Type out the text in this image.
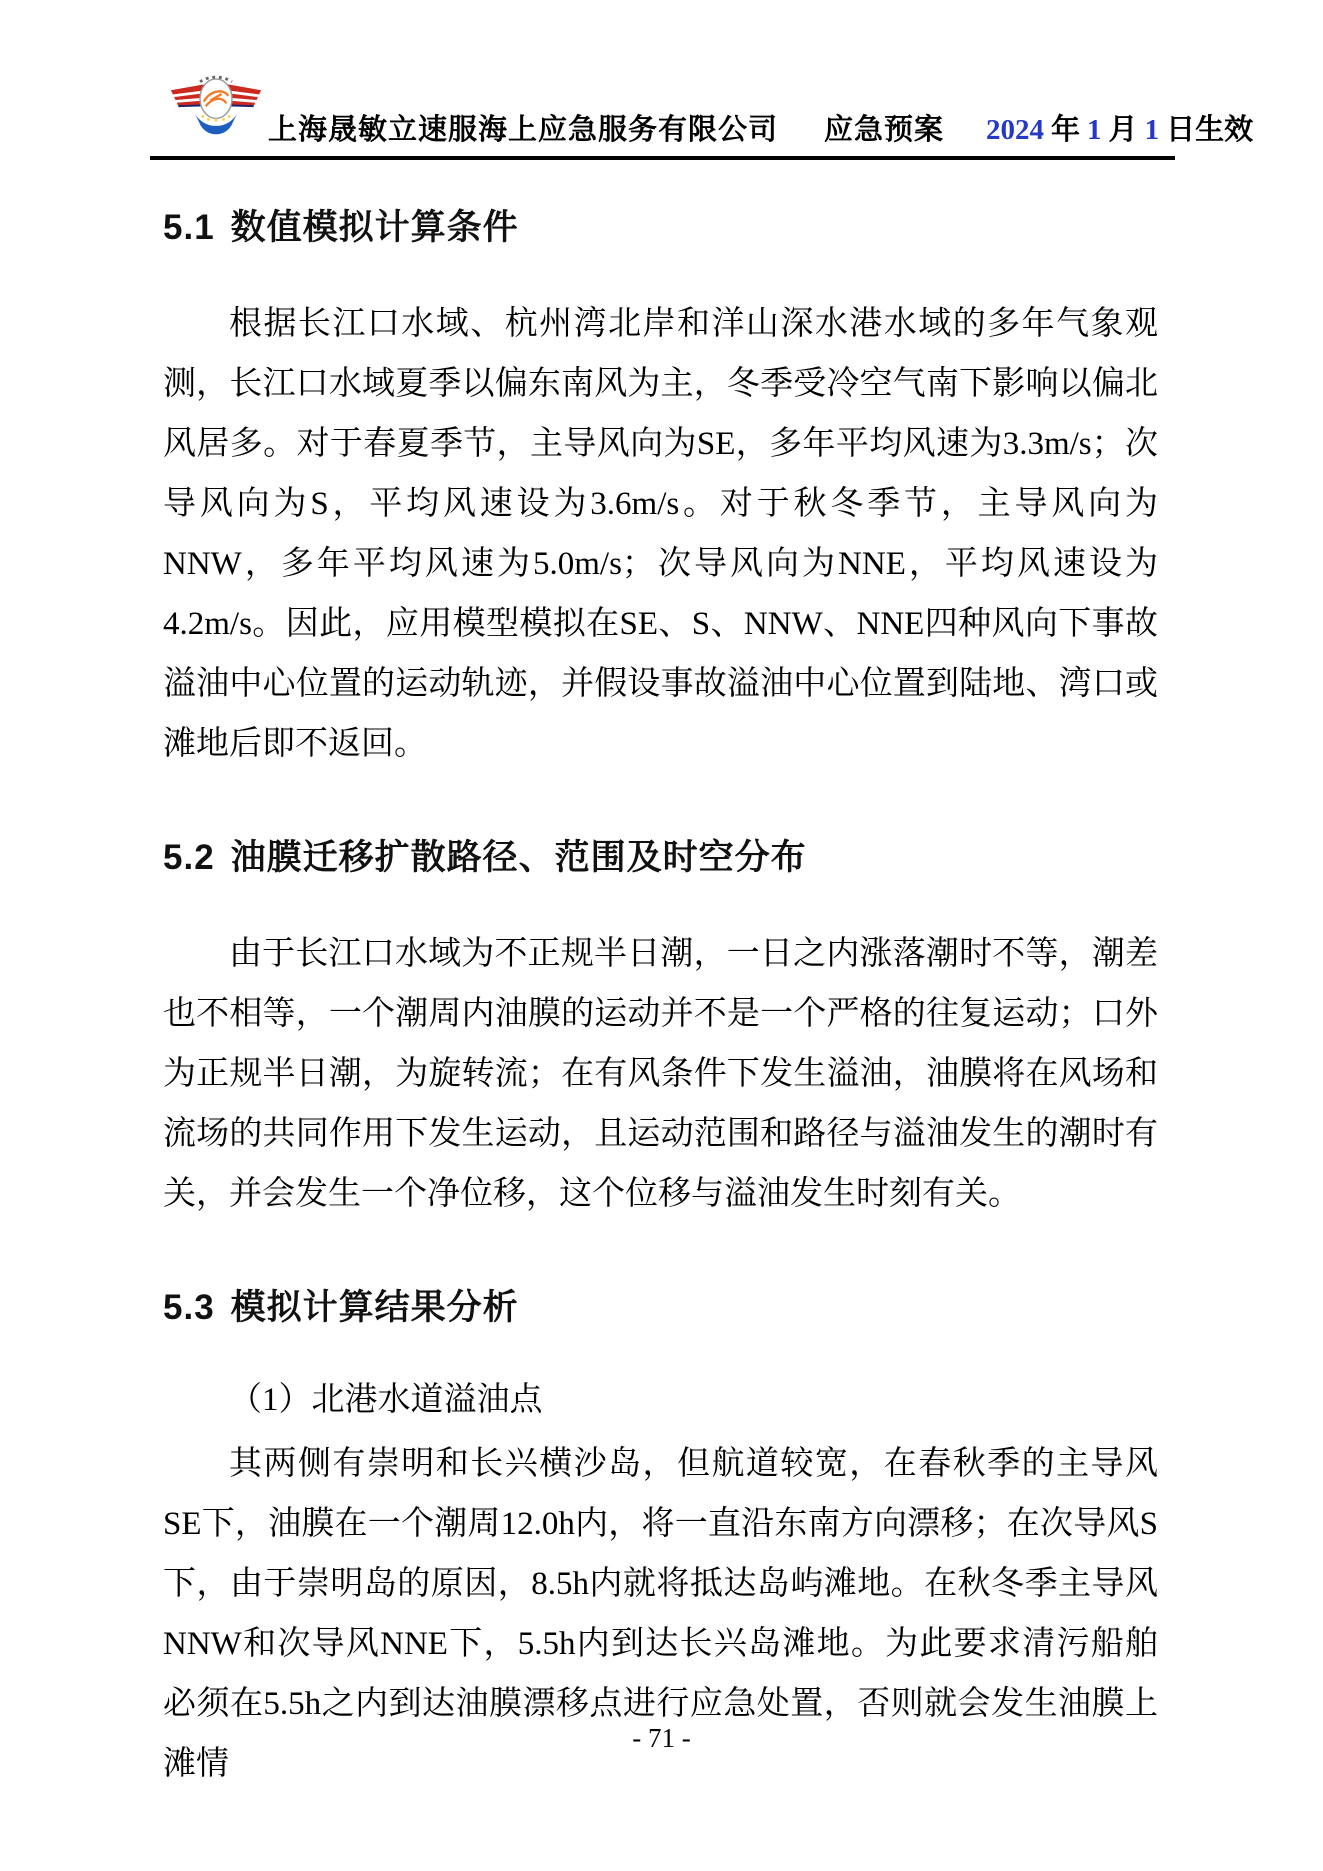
上海晟敏立速服海上应急服务有限公司 应急预案 2024 年 1 月 1 日生效
5.1 数值模拟计算条件

根据长江口水域、杭州湾北岸和洋山深水港水域的多年气象观测，长江口水域夏季以偏东南风为主，冬季受冷空气南下影响以偏北风居多。对于春夏季节，主导风向为SE，多年平均风速为3.3m/s；次导风向为S，平均风速设为3.6m/s。对于秋冬季节，主导风向为NNW，多年平均风速为5.0m/s；次导风向为NNE，平均风速设为4.2m/s。因此，应用模型模拟在SE、S、NNW、NNE四种风向下事故溢油中心位置的运动轨迹，并假设事故溢油中心位置到陆地、湾口或滩地后即不返回。

5.2 油膜迁移扩散路径、范围及时空分布

由于长江口水域为不正规半日潮，一日之内涨落潮时不等，潮差也不相等，一个潮周内油膜的运动并不是一个严格的往复运动；口外为正规半日潮，为旋转流；在有风条件下发生溢油，油膜将在风场和流场的共同作用下发生运动，且运动范围和路径与溢油发生的潮时有关，并会发生一个净位移，这个位移与溢油发生时刻有关。

5.3 模拟计算结果分析
（1）北港水道溢油点

其两侧有崇明和长兴横沙岛，但航道较宽，在春秋季的主导风SE下，油膜在一个潮周12.0h内，将一直沿东南方向漂移；在次导风S下，由于崇明岛的原因，8.5h内就将抵达岛屿滩地。在秋冬季主导风NNW和次导风NNE下，5.5h内到达长兴岛滩地。为此要求清污船舶必须在5.5h之内到达油膜漂移点进行应急处置，否则就会发生油膜上滩情

- 71 -
